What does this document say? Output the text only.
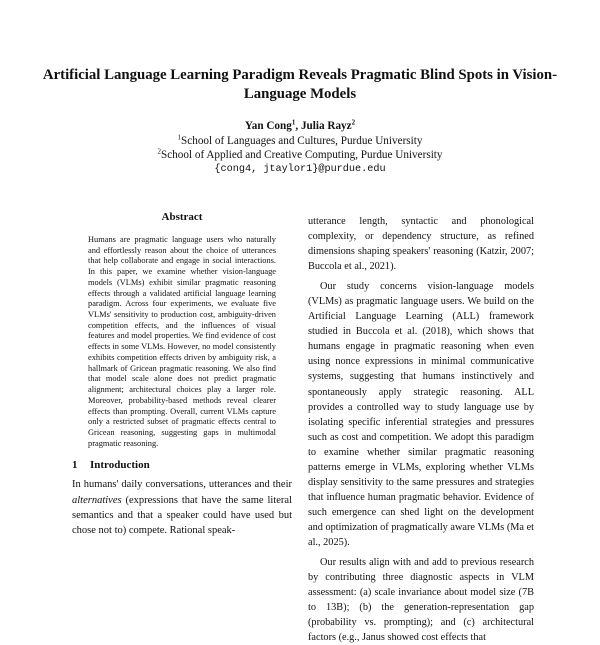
Artificial Language Learning Paradigm Reveals Pragmatic Blind Spots in Vision-Language Models
Yan Cong$^1$, Julia Rayz$^2$
$^1$School of Languages and Cultures, Purdue University
$^2$School of Applied and Creative Computing, Purdue University
{cong4, jtaylor1}@purdue.edu
Abstract
Humans are pragmatic language users who naturally and effortlessly reason about the choice of utterances that help collaborate and engage in social interactions. In this paper, we examine whether vision-language models (VLMs) exhibit similar pragmatic reasoning effects through a validated artificial language learning paradigm. Across four experiments, we evaluate five VLMs' sensitivity to production cost, ambiguity-driven competition effects, and the influences of visual features and model properties. We find evidence of cost effects in some VLMs. However, no model consistently exhibits competition effects driven by ambiguity risk, a hallmark of Gricean pragmatic reasoning. We also find that model scale alone does not predict pragmatic alignment; architectural choices play a larger role. Moreover, probability-based methods reveal clearer effects than prompting. Overall, current VLMs capture only a restricted subset of pragmatic effects central to Gricean reasoning, suggesting gaps in multimodal pragmatic reasoning.
1 Introduction

In humans' daily conversations, utterances and their alternatives (expressions that have the same literal semantics and that a speaker could have used but chose not to) compete. Rational speak-

utterance length, syntactic and phonological complexity, or dependency structure, as refined dimensions shaping speakers' reasoning (Katzir, 2007; Buccola et al., 2021).

Our study concerns vision-language models (VLMs) as pragmatic language users. We build on the Artificial Language Learning (ALL) framework studied in Buccola et al. (2018), which shows that humans engage in pragmatic reasoning when even using nonce expressions in minimal communicative systems, suggesting that humans instinctively and spontaneously apply strategic reasoning. ALL provides a controlled way to study language use by isolating specific inferential strategies and pressures such as cost and competition. We adopt this paradigm to examine whether similar pragmatic reasoning patterns emerge in VLMs, exploring whether VLMs display sensitivity to the same pressures and strategies that influence human pragmatic behavior. Evidence of such emergence can shed light on the development and optimization of pragmatically aware VLMs (Ma et al., 2025).

Our results align with and add to previous research by contributing three diagnostic aspects in VLM assessment: (a) scale invariance about model size (7B to 13B); (b) the generation-representation gap (probability vs. prompting); and (c) architectural factors (e.g., Janus showed cost effects that
